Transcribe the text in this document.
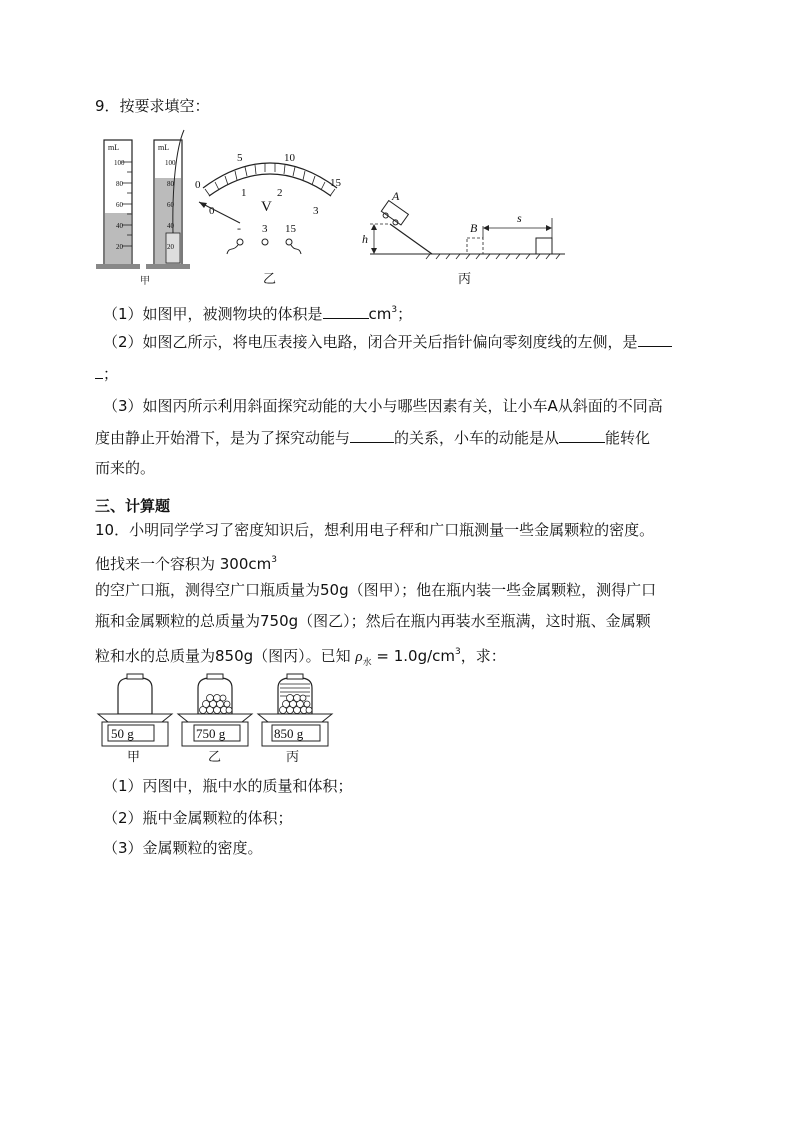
9．按要求填空：
mL
100
80
60
40
20
mL
100
80
60
40
20
甲
0
5	10
15
0
1	2
3
V
- 3 15
乙
A
h
B
s
丙
（1）如图甲，被测物块的体积是	$cm^3$；
（2）如图乙所示，将电压表接入电路，闭合开关后指针偏向零刻度线的左侧，是
；
（3）如图丙所示利用斜面探究动能的大小与哪些因素有关，让小车A从斜面的不同高
度由静止开始滑下，是为了探究动能与	的关系，小车的动能是从	能转化
而来的。
三、计算题
10．小明同学学习了密度知识后，想利用电子秤和广口瓶测量一些金属颗粒的密度。
他找来一个容积为 $300cm^3$
的空广口瓶，测得空广口瓶质量为50g（图甲）；他在瓶内装一些金属颗粒，测得广口
瓶和金属颗粒的总质量为750g（图乙）；然后在瓶内再装水至瓶满，这时瓶、金属颗
粒和水的总质量为850g（图丙）。已知 $\rho_水 = 1.0g/cm^3$，求：
50 g
甲
750 g
乙
850 g
丙
（1）丙图中，瓶中水的质量和体积；
（2）瓶中金属颗粒的体积；
（3）金属颗粒的密度。
